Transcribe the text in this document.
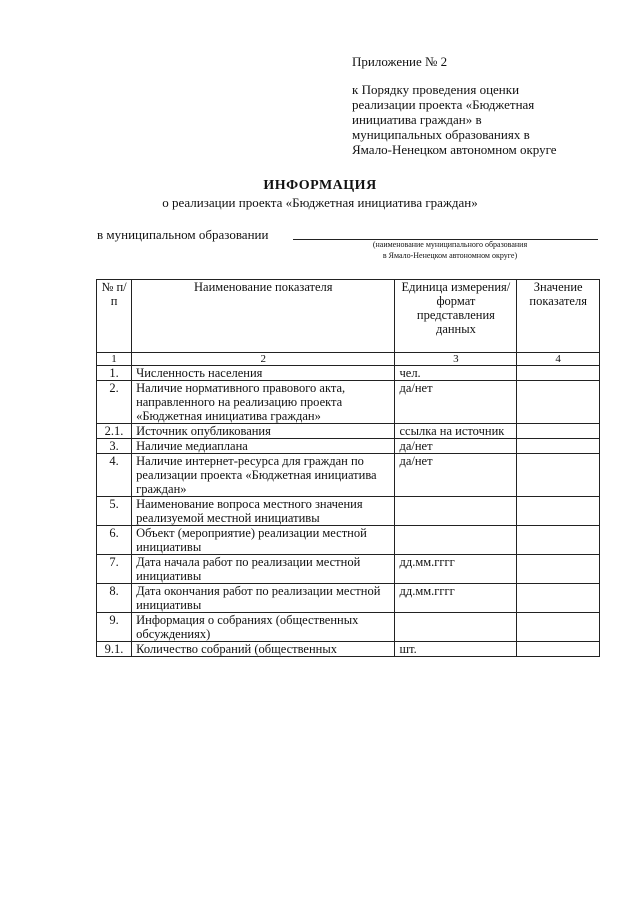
Приложение № 2
к Порядку проведения оценки
реализации проекта «Бюджетная
инициатива граждан» в
муниципальных образованиях в
Ямало-Ненецком автономном округе
ИНФОРМАЦИЯ
о реализации проекта «Бюджетная инициатива граждан»
в муниципальном образовании
(наименование муниципального образования
в Ямало-Ненецком автономном округе)
№ п/п	Наименование показателя	Единица измерения/ формат представления данных	Значение показателя
1	2	3	4
1.	Численность населения	чел.	
2.	Наличие нормативного правового акта, направленного на реализацию проекта «Бюджетная инициатива граждан»	да/нет	
2.1.	Источник опубликования	ссылка на источник	
3.	Наличие медиаплана	да/нет	
4.	Наличие интернет-ресурса для граждан по реализации проекта «Бюджетная инициатива граждан»	да/нет	
5.	Наименование вопроса местного значения реализуемой местной инициативы		
6.	Объект (мероприятие) реализации местной инициативы		
7.	Дата начала работ по реализации местной инициативы	дд.мм.гггг	
8.	Дата окончания работ по реализации местной инициативы	дд.мм.гггг	
9.	Информация о собраниях (общественных обсуждениях)		
9.1.	Количество собраний (общественных	шт.	
